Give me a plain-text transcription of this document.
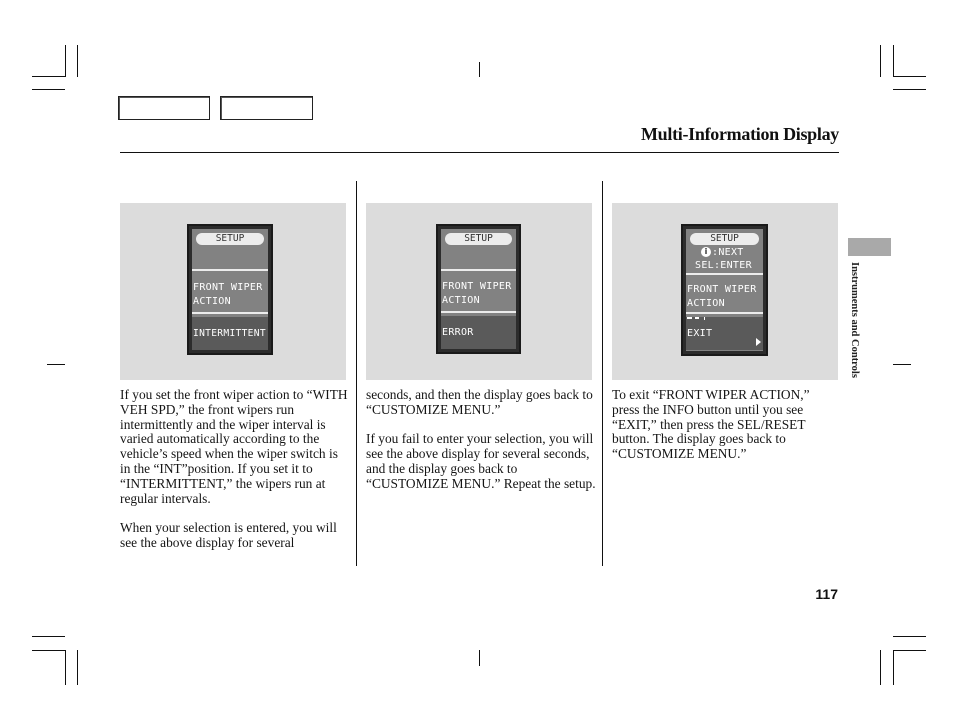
Multi-Information Display
SETUP
FRONT WIPER
ACTION
INTERMITTENT
SETUP
FRONT WIPER
ACTION
ERROR
SETUP
i :NEXT
SEL:ENTER
FRONT WIPER
ACTION
EXIT

If you set the front wiper action to “WITH VEH SPD,” the front wipers run intermittently and the wiper interval is varied automatically according to the vehicle’s speed when the wiper switch is in the “INT”position. If you set it to “INTERMITTENT,” the wipers run at regular intervals.

When your selection is entered, you will see the above display for several

seconds, and then the display goes back to “CUSTOMIZE MENU.”

If you fail to enter your selection, you will see the above display for several seconds, and the display goes back to “CUSTOMIZE MENU.” Repeat the setup.

To exit “FRONT WIPER ACTION,” press the INFO button until you see “EXIT,” then press the SEL/RESET button. The display goes back to “CUSTOMIZE MENU.”

Instruments and Controls
117
